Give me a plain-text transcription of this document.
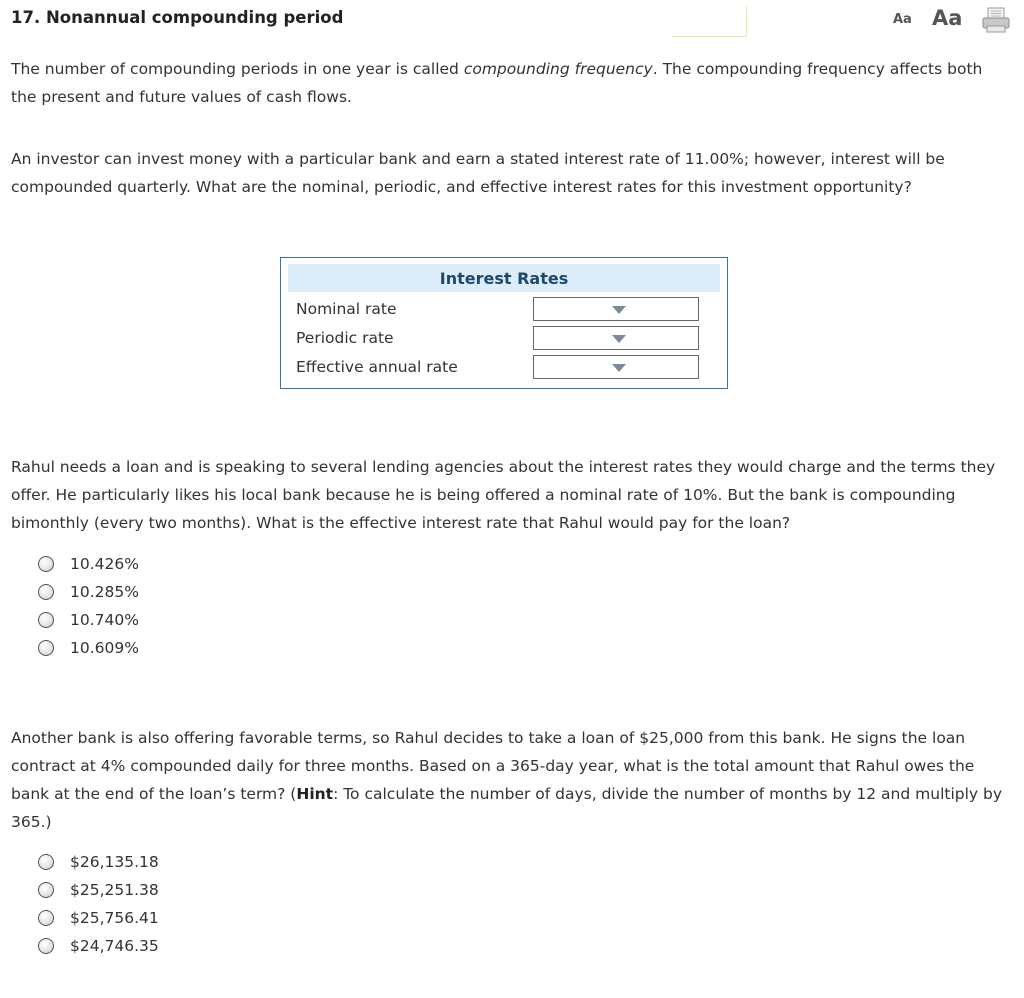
17. Nonannual compounding period	Aa Aa

The number of compounding periods in one year is called compounding frequency. The compounding frequency affects both the present and future values of cash flows.

An investor can invest money with a particular bank and earn a stated interest rate of 11.00%; however, interest will be compounded quarterly. What are the nominal, periodic, and effective interest rates for this investment opportunity?

Interest Rates
Nominal rate
Periodic rate
Effective annual rate

Rahul needs a loan and is speaking to several lending agencies about the interest rates they would charge and the terms they offer. He particularly likes his local bank because he is being offered a nominal rate of 10%. But the bank is compounding bimonthly (every two months). What is the effective interest rate that Rahul would pay for the loan?

10.426%
10.285%
10.740%
10.609%

Another bank is also offering favorable terms, so Rahul decides to take a loan of $25,000 from this bank. He signs the loan contract at 4% compounded daily for three months. Based on a 365-day year, what is the total amount that Rahul owes the bank at the end of the loan’s term? (Hint: To calculate the number of days, divide the number of months by 12 and multiply by 365.)

$26,135.18
$25,251.38
$25,756.41
$24,746.35
